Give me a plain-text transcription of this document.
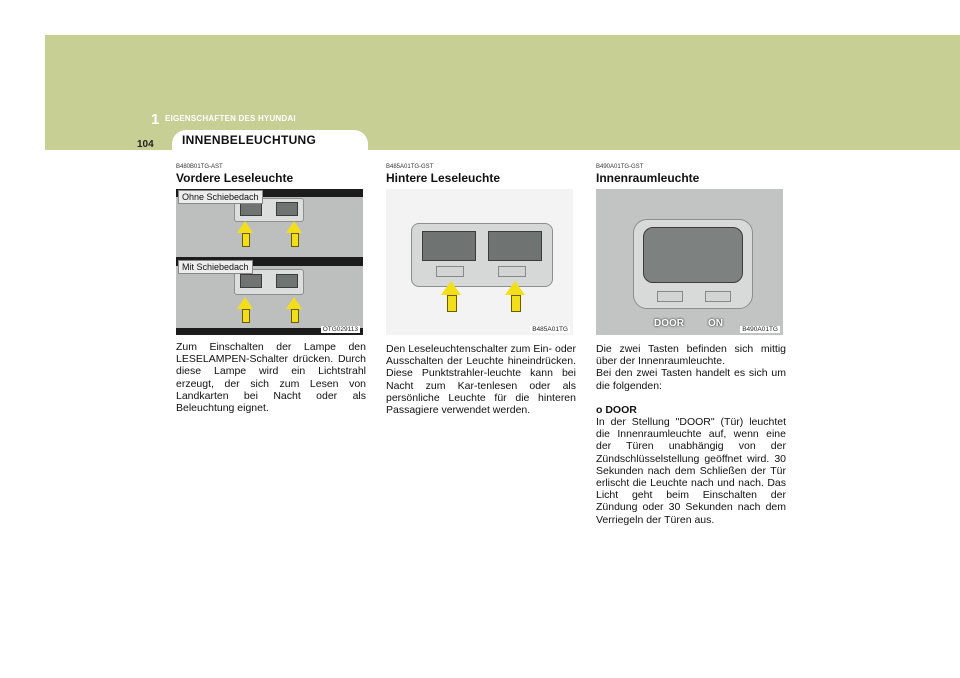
1 EIGENSCHAFTEN DES HYUNDAI
104	INNENBELEUCHTUNG
B480B01TG-AST
Vordere Leseleuchte
Ohne Schiebedach
Mit Schiebedach
OTG029113

Zum Einschalten der Lampe den LESELAMPEN-Schalter drücken. Durch diese Lampe wird ein Lichtstrahl erzeugt, der sich zum Lesen von Landkarten bei Nacht oder als Beleuchtung eignet.

B485A01TG-GST
Hintere Leseleuchte
B485A01TG

Den Leseleuchtenschalter zum Ein- oder Ausschalten der Leuchte hineindrücken. Diese Punktstrahler-leuchte kann bei Nacht zum Kar-tenlesen oder als persönliche Leuchte für die hinteren Passagiere verwendet werden.

B490A01TG-GST
Innenraumleuchte
DOOR ON
B490A01TG

Die zwei Tasten befinden sich mittig über der Innenraumleuchte.
Bei den zwei Tasten handelt es sich um die folgenden:

o DOOR

In der Stellung "DOOR" (Tür) leuchtet die Innenraumleuchte auf, wenn eine der Türen unabhängig von der Zündschlüsselstellung geöffnet wird. 30 Sekunden nach dem Schließen der Tür erlischt die Leuchte nach und nach. Das Licht geht beim Einschalten der Zündung oder 30 Sekunden nach dem Verriegeln der Türen aus.
